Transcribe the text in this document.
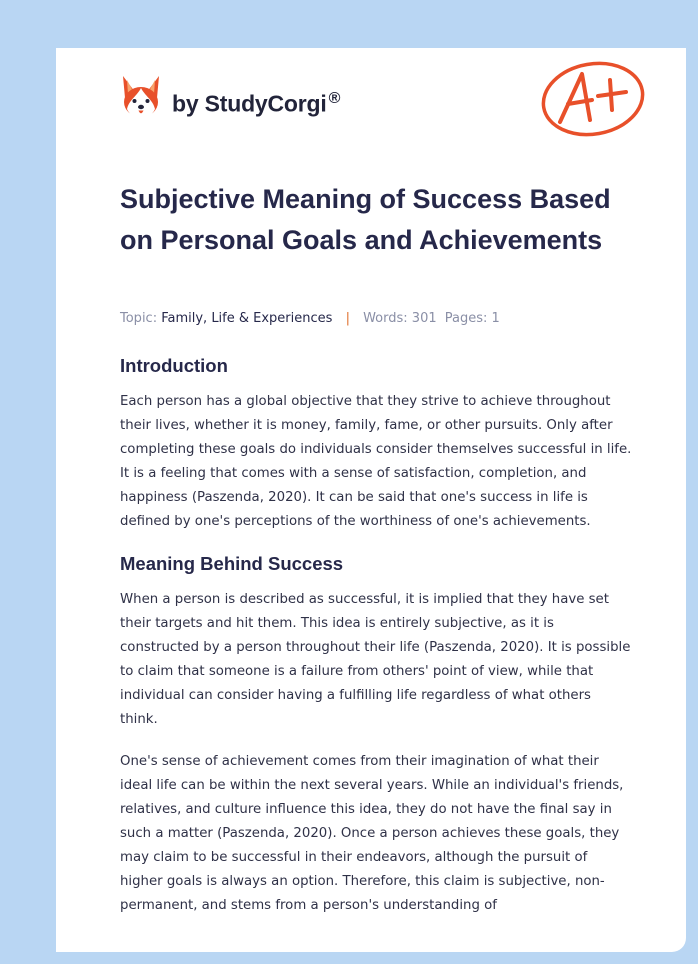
by StudyCorgi ®
Subjective Meaning of Success Based on Personal Goals and Achievements
Topic: Family, Life & Experiences | Words: 301 Pages: 1
Introduction

Each person has a global objective that they strive to achieve throughout their lives, whether it is money, family, fame, or other pursuits. Only after completing these goals do individuals consider themselves successful in life. It is a feeling that comes with a sense of satisfaction, completion, and happiness (Paszenda, 2020). It can be said that one's success in life is defined by one's perceptions of the worthiness of one's achievements.

Meaning Behind Success

When a person is described as successful, it is implied that they have set their targets and hit them. This idea is entirely subjective, as it is constructed by a person throughout their life (Paszenda, 2020). It is possible to claim that someone is a failure from others' point of view, while that individual can consider having a fulfilling life regardless of what others think.

One's sense of achievement comes from their imagination of what their ideal life can be within the next several years. While an individual's friends, relatives, and culture influence this idea, they do not have the final say in such a matter (Paszenda, 2020). Once a person achieves these goals, they may claim to be successful in their endeavors, although the pursuit of higher goals is always an option. Therefore, this claim is subjective, non-permanent, and stems from a person's understanding of
